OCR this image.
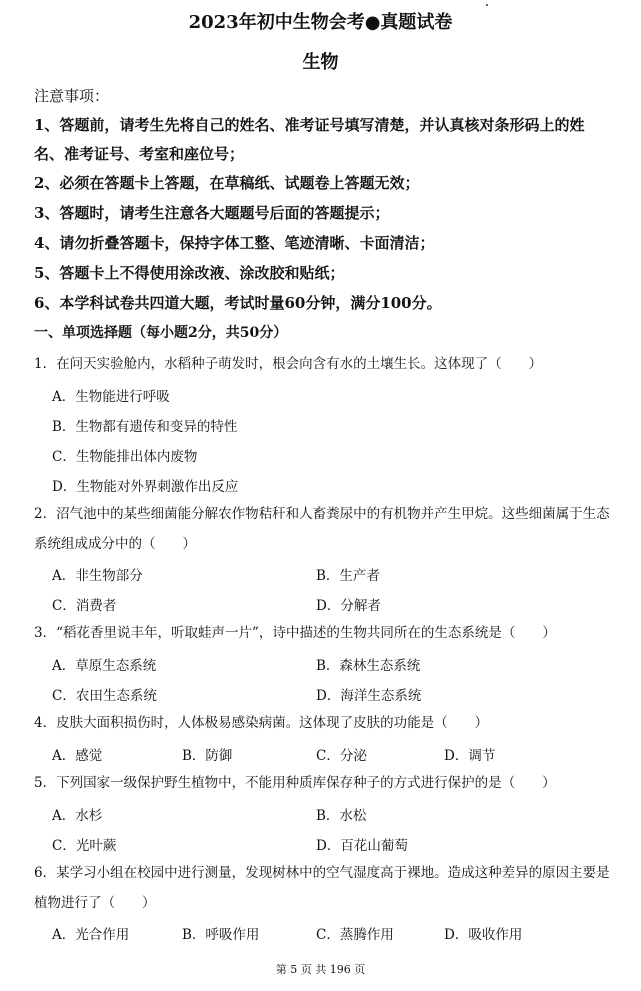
2023年初中生物会考●真题试卷
生物
注意事项：
1、答题前，请考生先将自己的姓名、准考证号填写清楚，并认真核对条形码上的姓名、准考证号、考室和座位号；
2、必须在答题卡上答题，在草稿纸、试题卷上答题无效；
3、答题时，请考生注意各大题题号后面的答题提示；
4、请勿折叠答题卡，保持字体工整、笔迹清晰、卡面清洁；
5、答题卡上不得使用涂改液、涂改胶和贴纸；
6、本学科试卷共四道大题，考试时量60分钟，满分100分。
一、单项选择题（每小题2分，共50分）
1．在问天实验舱内，水稻种子萌发时，根会向含有水的土壤生长。这体现了（　　）
A．生物能进行呼吸
B．生物都有遗传和变异的特性
C．生物能排出体内废物
D．生物能对外界刺激作出反应
2．沼气池中的某些细菌能分解农作物秸秆和人畜粪尿中的有机物并产生甲烷。这些细菌属于生态系统组成成分中的（　　）
A．非生物部分	B．生产者
C．消费者	D．分解者
3．“稻花香里说丰年，听取蛙声一片”，诗中描述的生物共同所在的生态系统是（　　）
A．草原生态系统	B．森林生态系统
C．农田生态系统	D．海洋生态系统
4．皮肤大面积损伤时，人体极易感染病菌。这体现了皮肤的功能是（　　）
A．感觉	B．防御	C．分泌	D．调节
5．下列国家一级保护野生植物中，不能用种质库保存种子的方式进行保护的是（　　）
A．水杉	B．水松
C．光叶蕨	D．百花山葡萄
6．某学习小组在校园中进行测量，发现树林中的空气湿度高于裸地。造成这种差异的原因主要是植物进行了（　　）
A．光合作用	B．呼吸作用	C．蒸腾作用	D．吸收作用
第 5 页 共 196 页
